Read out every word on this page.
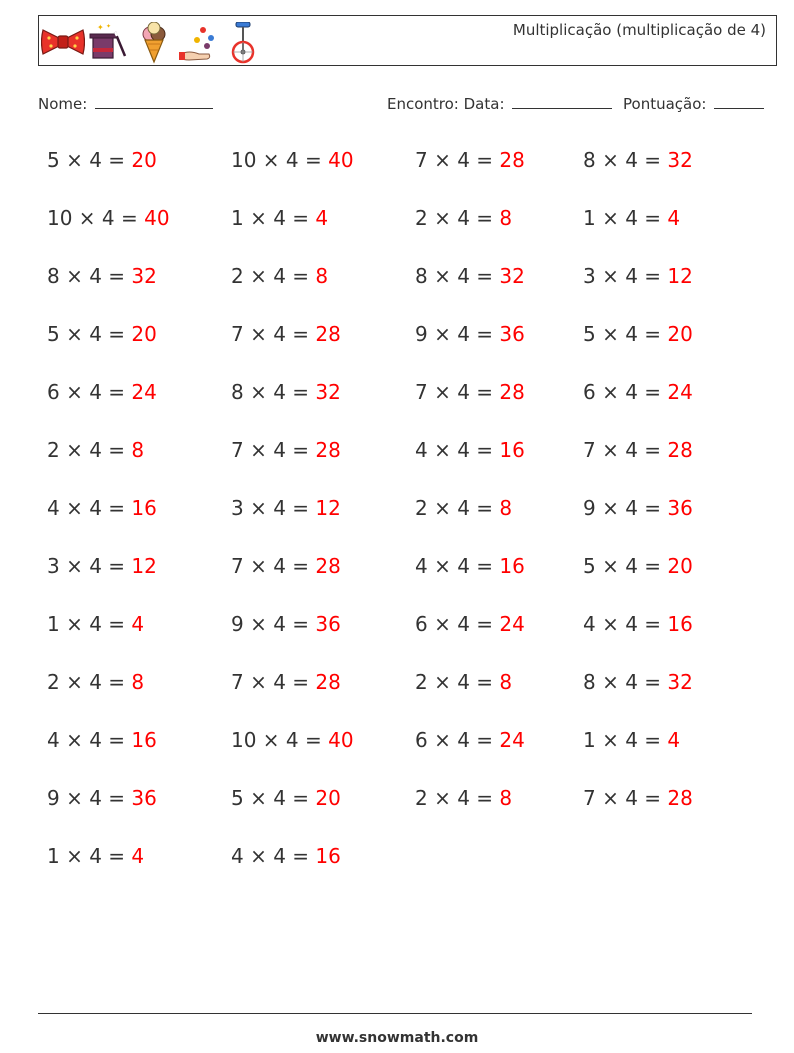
✦ ✦	Multiplicação (multiplicação de 4)
Nome:	Encontro: Data:	Pontuação:
5 × 4 = 20	10 × 4 = 40	7 × 4 = 28	8 × 4 = 32
10 × 4 = 40	1 × 4 = 4	2 × 4 = 8	1 × 4 = 4
8 × 4 = 32	2 × 4 = 8	8 × 4 = 32	3 × 4 = 12
5 × 4 = 20	7 × 4 = 28	9 × 4 = 36	5 × 4 = 20
6 × 4 = 24	8 × 4 = 32	7 × 4 = 28	6 × 4 = 24
2 × 4 = 8	7 × 4 = 28	4 × 4 = 16	7 × 4 = 28
4 × 4 = 16	3 × 4 = 12	2 × 4 = 8	9 × 4 = 36
3 × 4 = 12	7 × 4 = 28	4 × 4 = 16	5 × 4 = 20
1 × 4 = 4	9 × 4 = 36	6 × 4 = 24	4 × 4 = 16
2 × 4 = 8	7 × 4 = 28	2 × 4 = 8	8 × 4 = 32
4 × 4 = 16	10 × 4 = 40	6 × 4 = 24	1 × 4 = 4
9 × 4 = 36	5 × 4 = 20	2 × 4 = 8	7 × 4 = 28
1 × 4 = 4	4 × 4 = 16
www.snowmath.com
